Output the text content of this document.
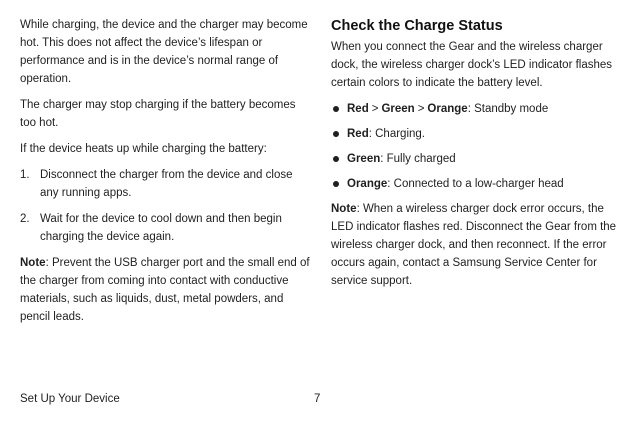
While charging, the device and the charger may become hot. This does not affect the device’s lifespan or performance and is in the device’s normal range of operation.

The charger may stop charging if the battery becomes too hot.

If the device heats up while charging the battery:

1. Disconnect the charger from the device and close any running apps.
2. Wait for the device to cool down and then begin charging the device again.

Note: Prevent the USB charger port and the small end of the charger from coming into contact with conductive materials, such as liquids, dust, metal powders, and pencil leads.

Check the Charge Status

When you connect the Gear and the wireless charger dock, the wireless charger dock’s LED indicator flashes certain colors to indicate the battery level.

Red > Green > Orange: Standby mode
Red: Charging.
Green: Fully charged
Orange: Connected to a low-charger head

Note: When a wireless charger dock error occurs, the LED indicator flashes red. Disconnect the Gear from the wireless charger dock, and then reconnect. If the error occurs again, contact a Samsung Service Center for service support.

Set Up Your Device	7
